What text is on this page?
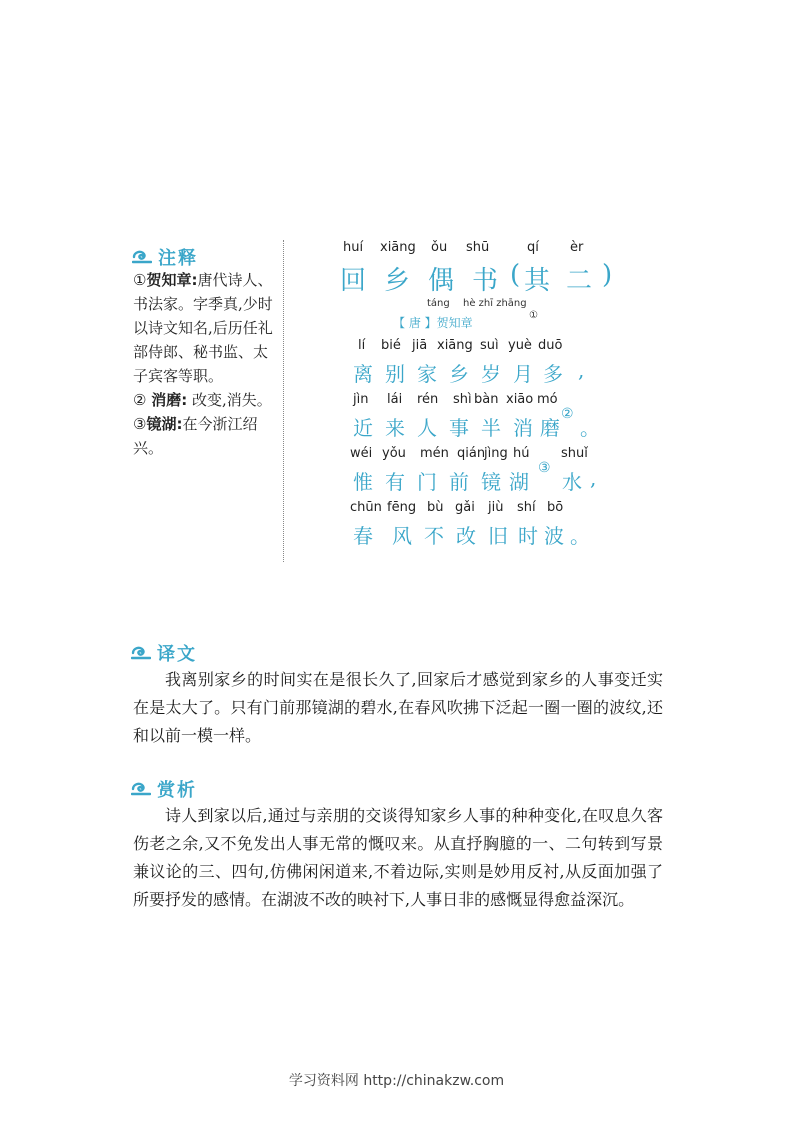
注释

①贺知章:唐代诗人、书法家。字季真,少时以诗文知名,后历任礼部侍郎、秘书监、太子宾客等职。

② 消磨: 改变,消失。

③镜湖:在今浙江绍兴。

huí xiāng ǒu shū	qí èr
回 乡 偶 书 ( 其 二 )
táng hè zhī zhāng
【 唐 】贺知章
①
lí bié jiā xiāng suì yuè duō
离 别 家 乡 岁 月 多 ,
jìn lái rén shì bàn xiāo mó
近 来 人 事 半 消 磨
②
。
wéi yǒu mén qián
jìng hú shuǐ
惟 有 门 前 镜 湖
③
水 ,
chūn fēng bù gǎi jiù shí bō
春 风 不 改 旧 时 波 。
译文

我离别家乡的时间实在是很长久了,回家后才感觉到家乡的人事变迁实在是太大了。只有门前那镜湖的碧水,在春风吹拂下泛起一圈一圈的波纹,还和以前一模一样。

赏析

诗人到家以后,通过与亲朋的交谈得知家乡人事的种种变化,在叹息久客伤老之余,又不免发出人事无常的慨叹来。从直抒胸臆的一、二句转到写景兼议论的三、四句,仿佛闲闲道来,不着边际,实则是妙用反衬,从反面加强了所要抒发的感情。在湖波不改的映衬下,人事日非的感慨显得愈益深沉。

学习资料网 http://chinakzw.com
